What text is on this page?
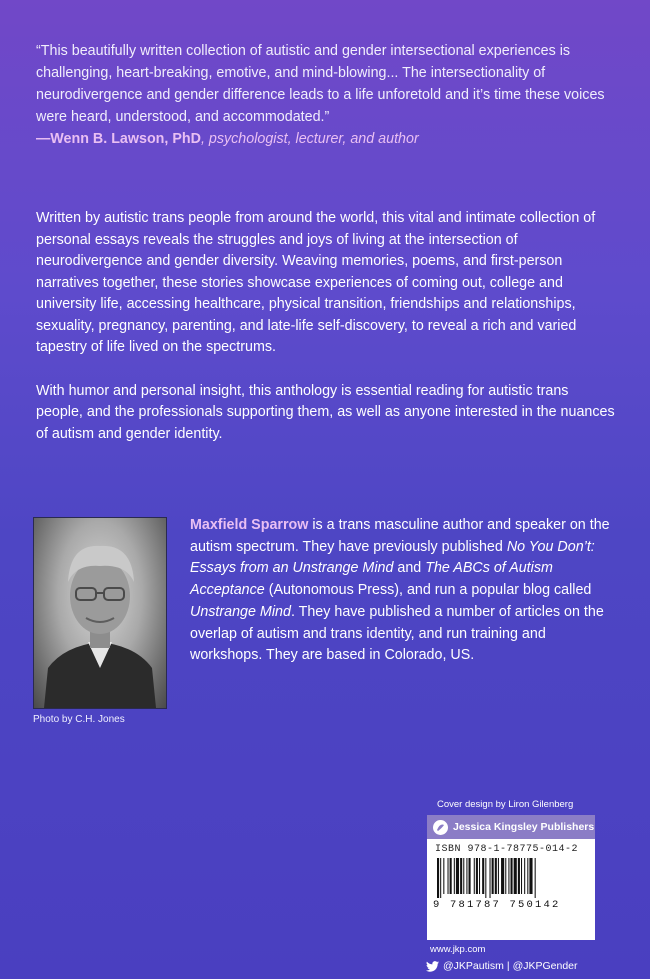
“This beautifully written collection of autistic and gender intersectional experiences is challenging, heart-breaking, emotive, and mind-blowing... The intersectionality of neurodivergence and gender difference leads to a life unforetold and it’s time these voices were heard, understood, and accommodated.”
—Wenn B. Lawson, PhD, psychologist, lecturer, and author

Written by autistic trans people from around the world, this vital and intimate collection of personal essays reveals the struggles and joys of living at the intersection of neurodivergence and gender diversity. Weaving memories, poems, and first-person narratives together, these stories showcase experiences of coming out, college and university life, accessing healthcare, physical transition, friendships and relationships, sexuality, pregnancy, parenting, and late-life self-discovery, to reveal a rich and varied tapestry of life lived on the spectrums.

With humor and personal insight, this anthology is essential reading for autistic trans people, and the professionals supporting them, as well as anyone interested in the nuances of autism and gender identity.

Photo by C.H. Jones
Maxfield Sparrow is a trans masculine author and speaker on the autism spectrum. They have previously published No You Don’t: Essays from an Unstrange Mind and The ABCs of Autism Acceptance (Autonomous Press), and run a popular blog called Unstrange Mind. They have published a number of articles on the overlap of autism and trans identity, and run training and workshops. They are based in Colorado, US.
Cover design by Liron Gilenberg
Jessica Kingsley Publishers
ISBN 978-1-78775-014-2
9 781787 750142
www.jkp.com
@JKPautism | @JKPGender
